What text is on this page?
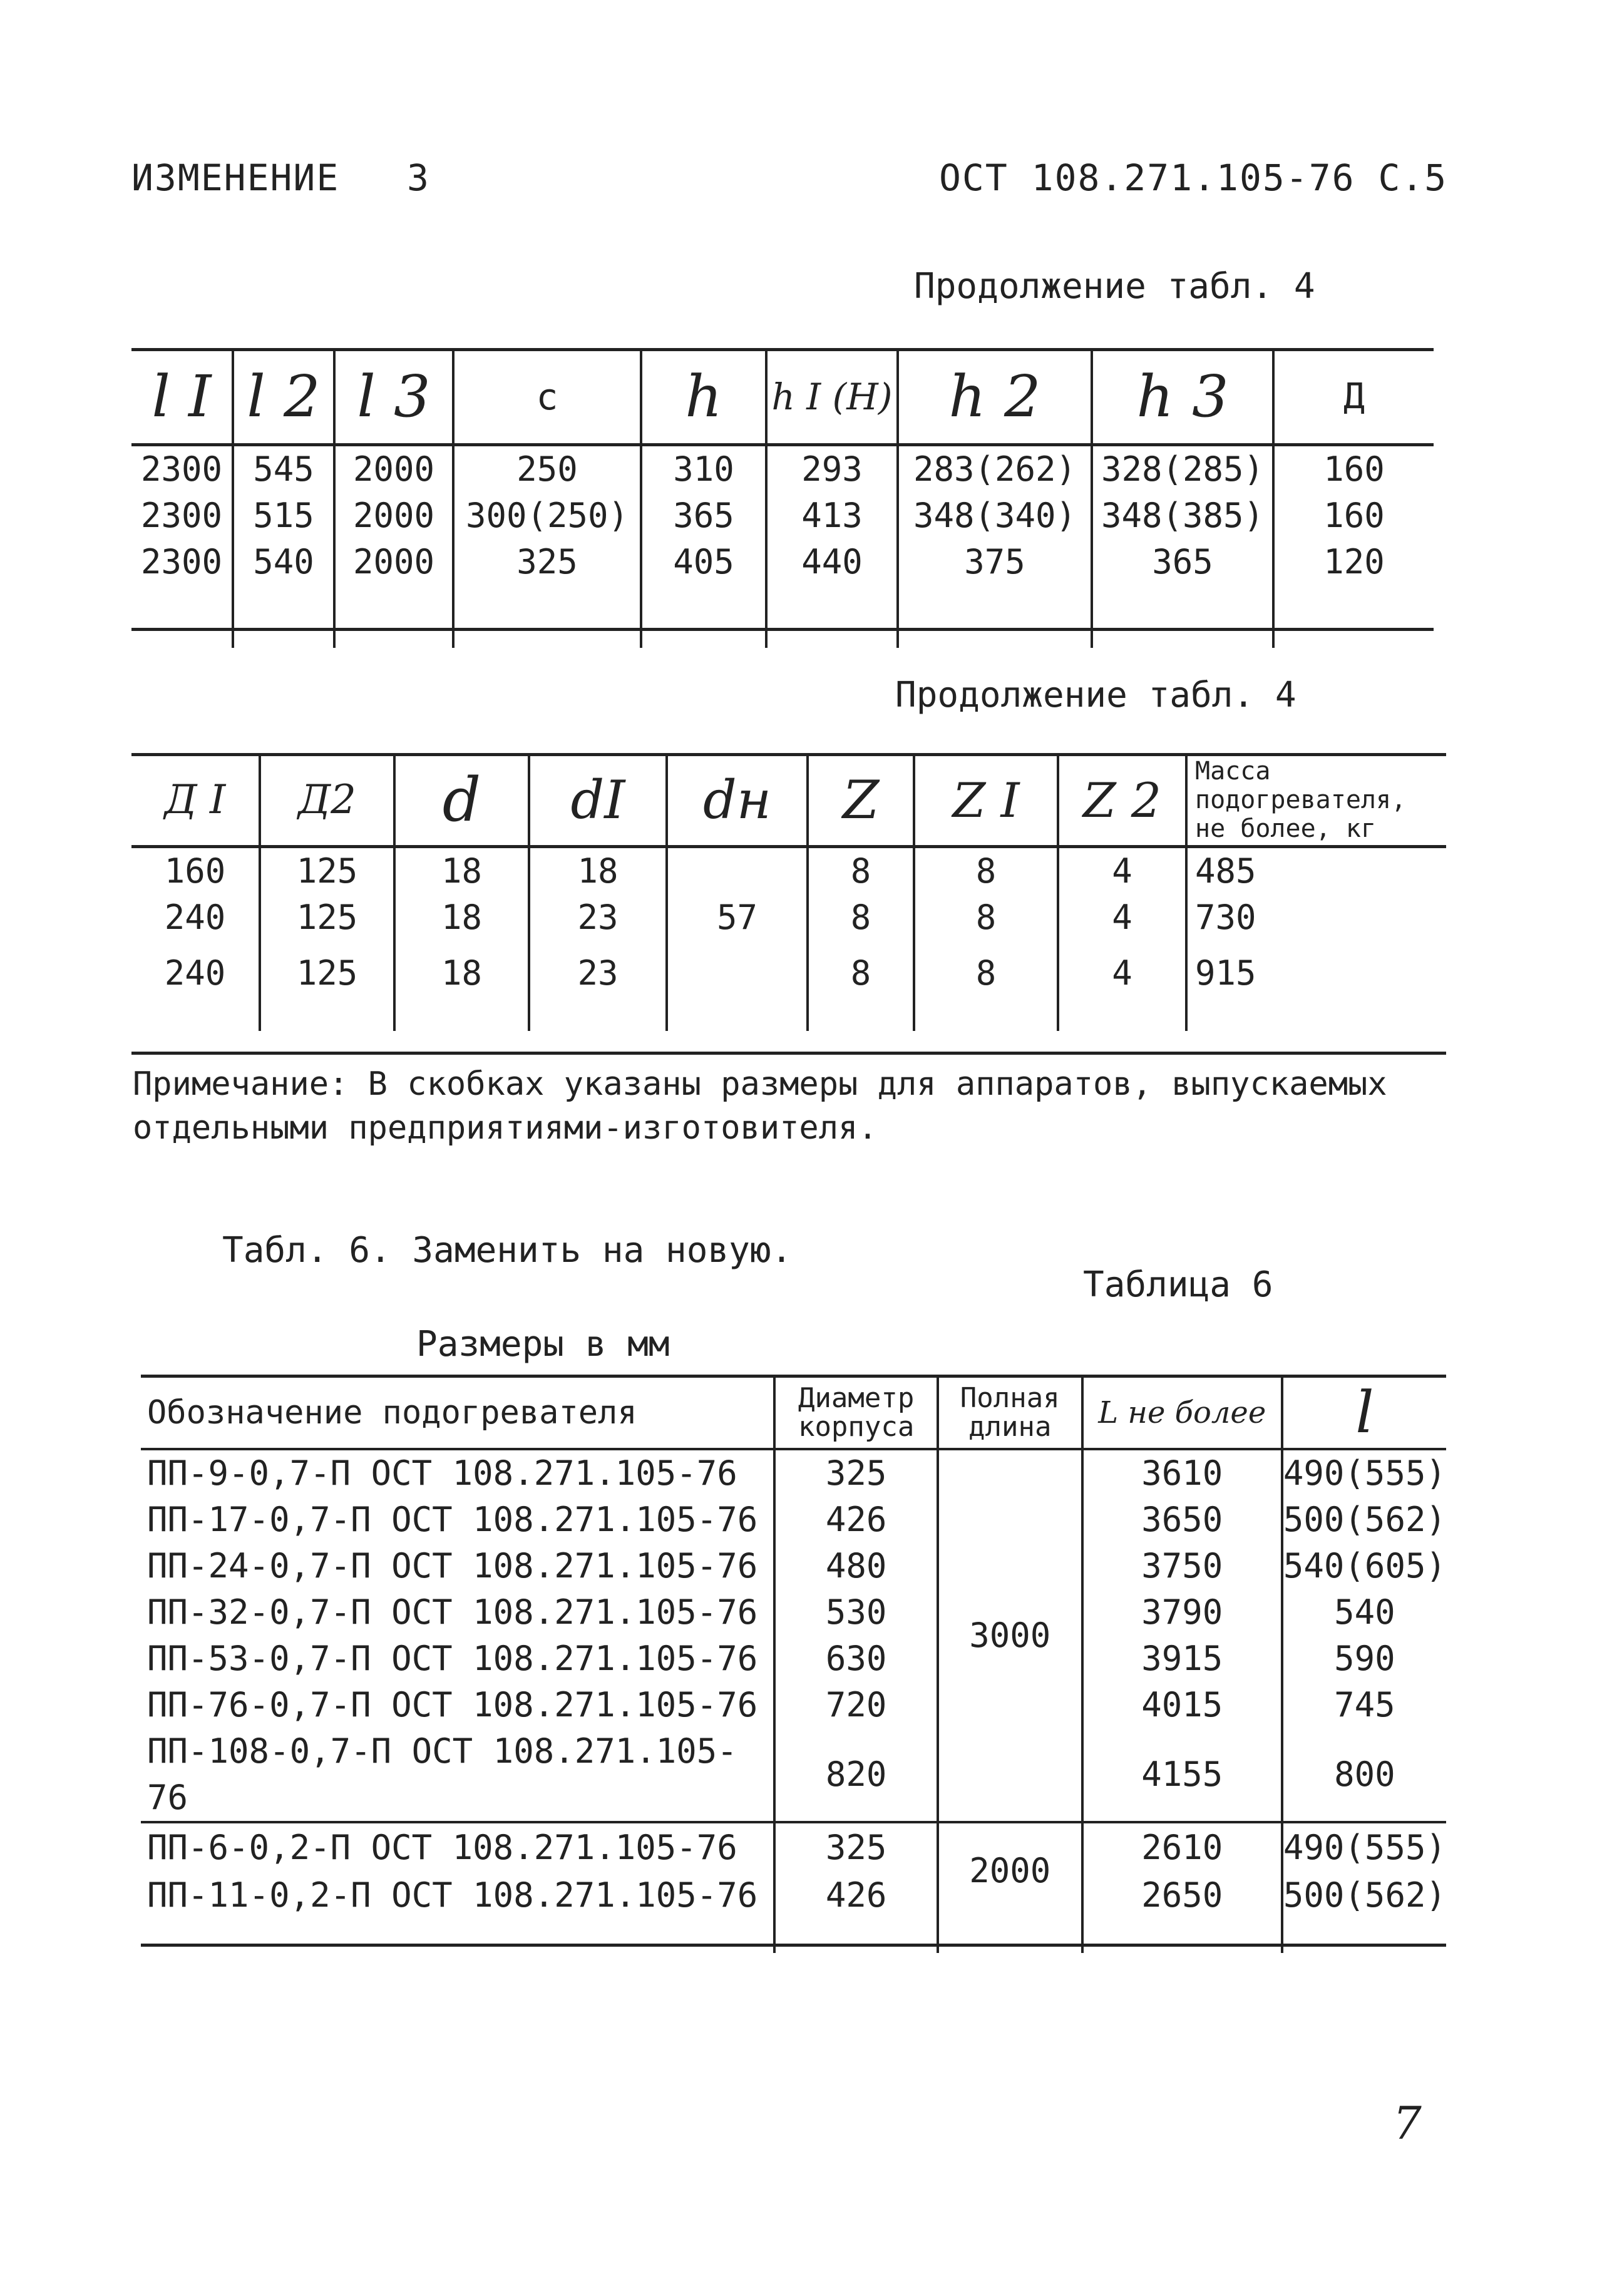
ИЗМЕНЕНИЕ 3	ОСТ 108.271.105-76 С.5
Продолжение табл. 4
l I	l 2	l 3	с	h	h I (H)	h 2	h 3	Д
2300	545	2000	250	310	293	283(262)	328(285)	160
2300	515	2000	300(250)	365	413	348(340)	348(385)	160
2300	540	2000	325	405	440	375	365	120

Продолжение табл. 4
Д I	Д2	d	dI	dн	Z	Z I	Z 2	Масса подогревателя, не более, кг
160	125	18	18		8	8	4	485
240	125	18	23	57	8	8	4	730
240	125	18	23		8	8	4	915

Примечание: В скобках указаны размеры для аппаратов, выпускаемых
отдельными предприятиями-изготовителя.
Табл. 6. Заменить на новую.
Таблица 6
Размеры в мм
Обозначение подогревателя	Диаметр корпуса	Полная длина	L не более	l
ПП-9-0,7-П ОСТ 108.271.105-76	325	3000	3610	490(555)
ПП-17-0,7-П ОСТ 108.271.105-76	426		3650	500(562)
ПП-24-0,7-П ОСТ 108.271.105-76	480		3750	540(605)
ПП-32-0,7-П ОСТ 108.271.105-76	530		3790	540
ПП-53-0,7-П ОСТ 108.271.105-76	630		3915	590
ПП-76-0,7-П ОСТ 108.271.105-76	720		4015	745
ПП-108-0,7-П ОСТ 108.271.105-76	820		4155	800
ПП-6-0,2-П ОСТ 108.271.105-76	325	2000	2610	490(555)
ПП-11-0,2-П ОСТ 108.271.105-76	426		2650	500(562)

7
